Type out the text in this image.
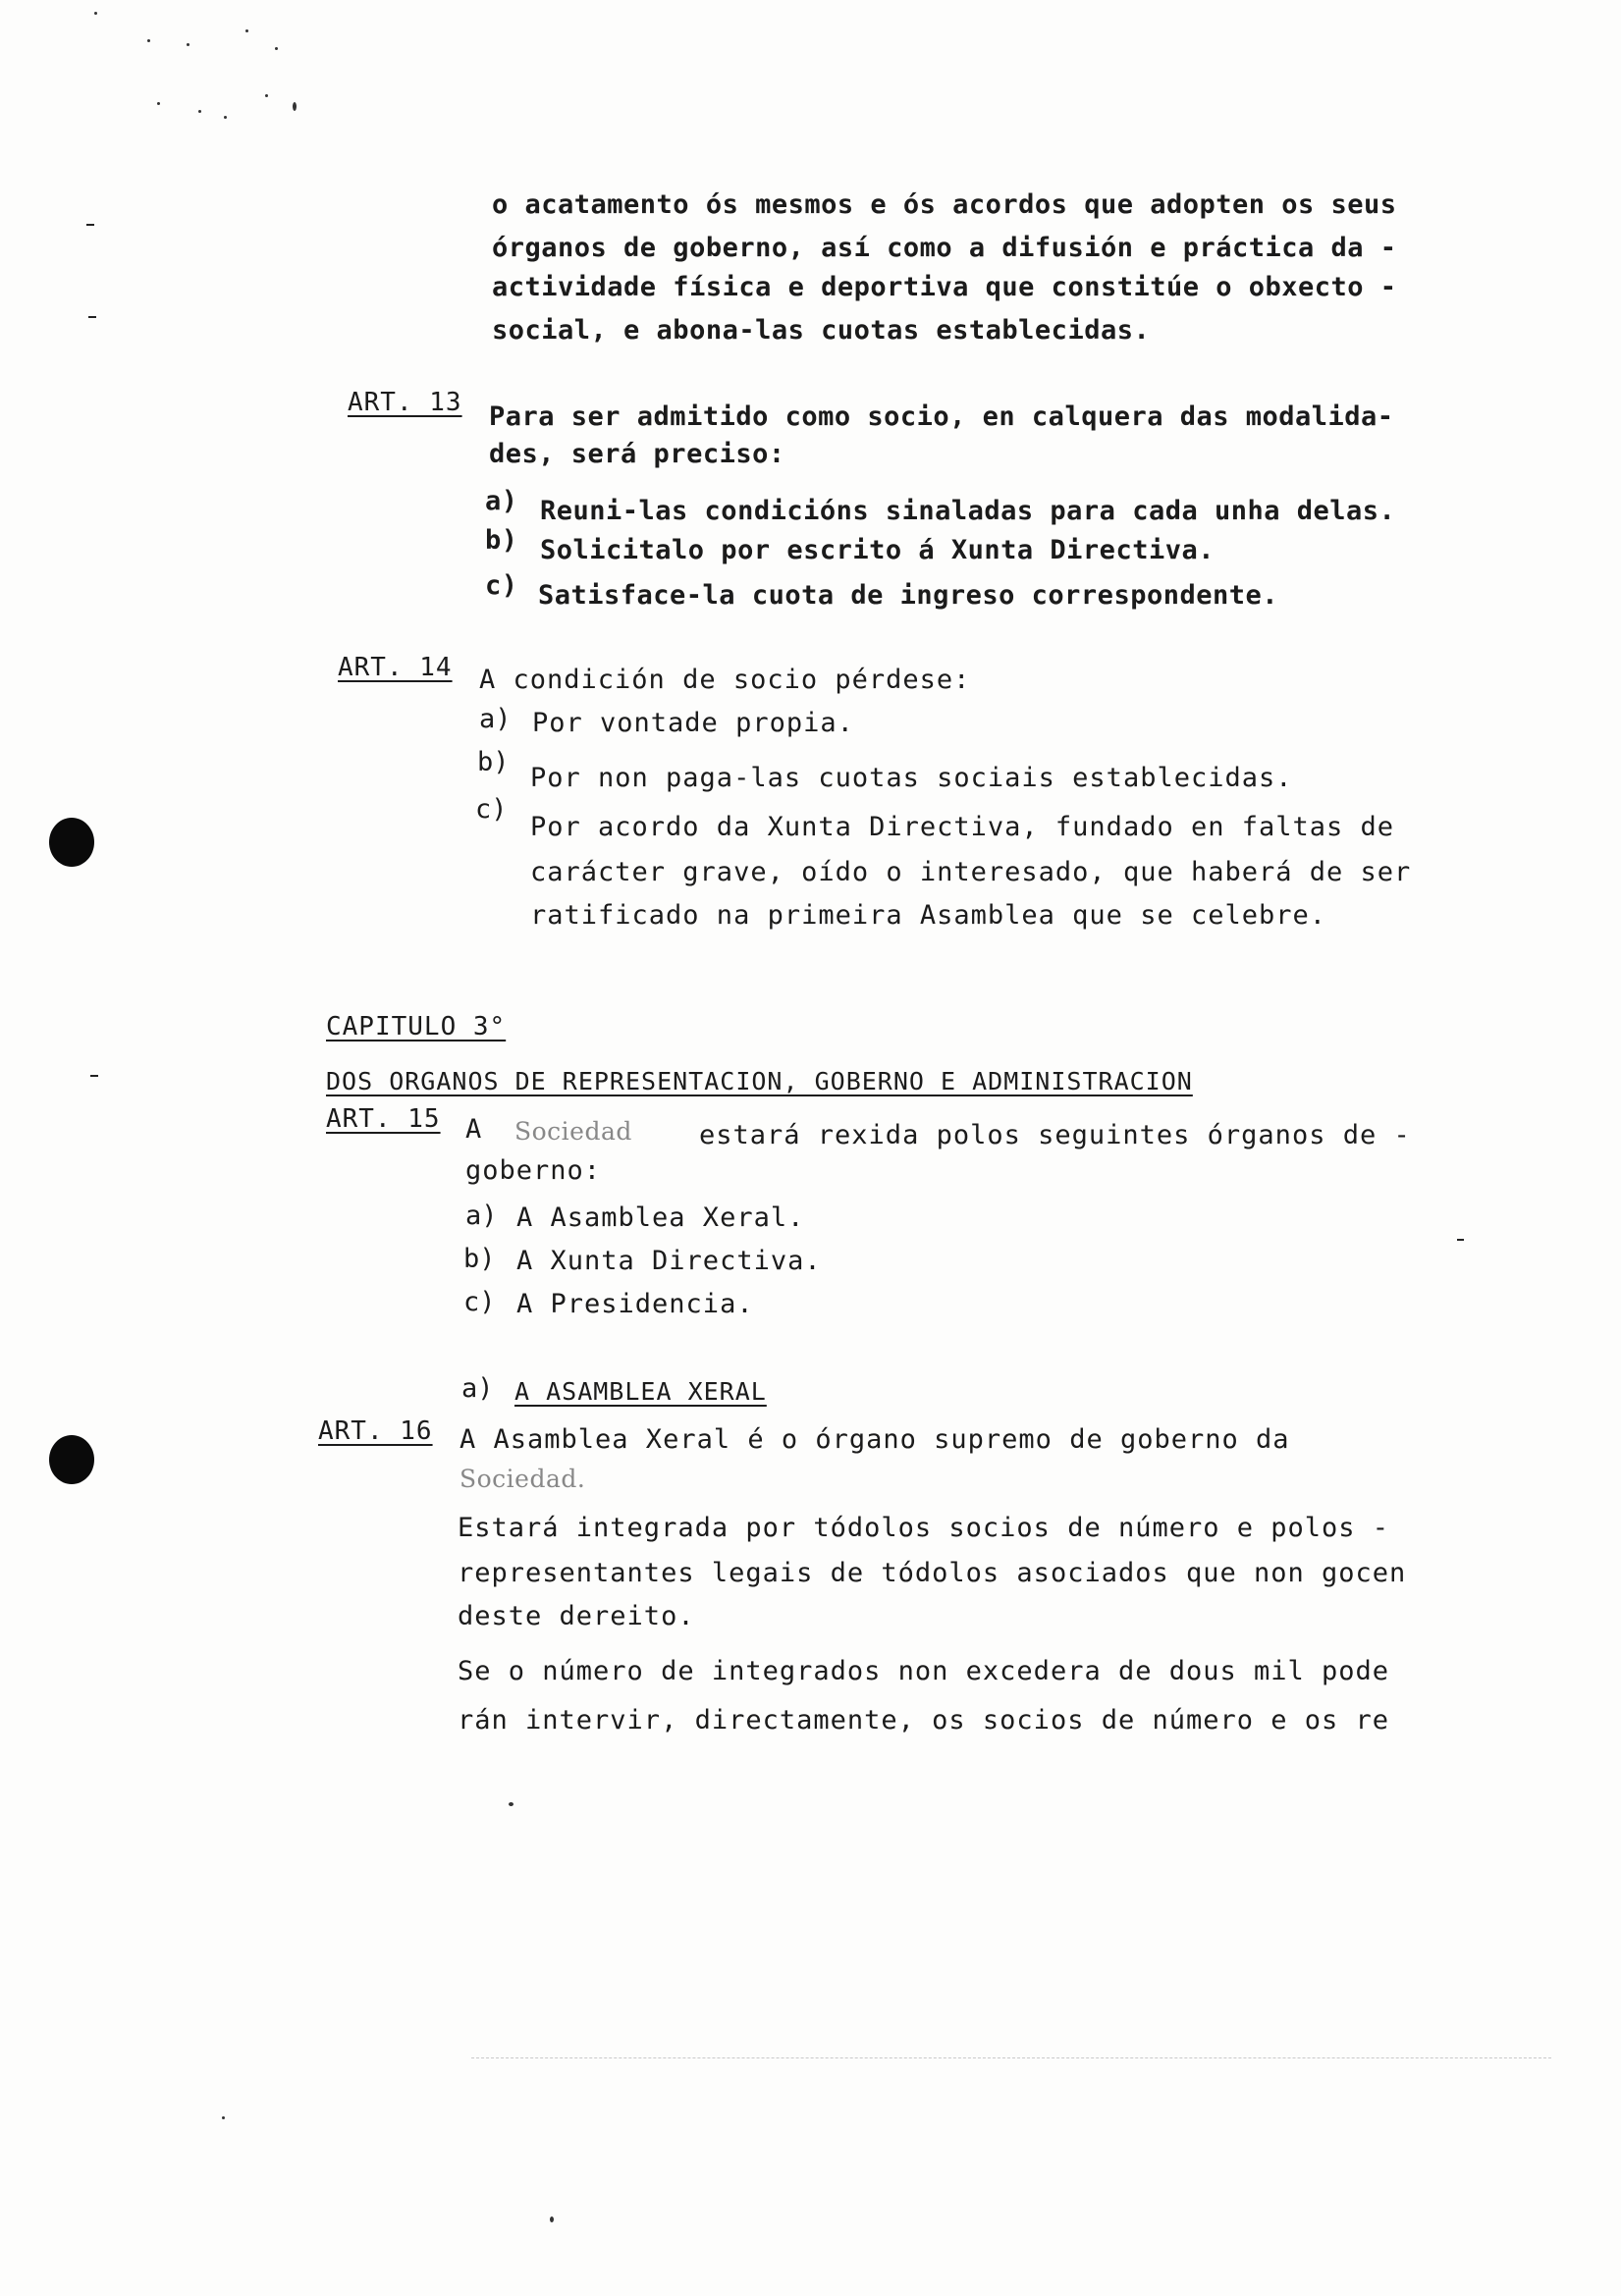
o acatamento ós mesmos e ós acordos que adopten os seus
órganos de goberno, así como a difusión e práctica da -
actividade física e deportiva que constitúe o obxecto -
social, e abona-las cuotas establecidas.
ART. 13 Para ser admitido como socio, en calquera das modalida-
des, será preciso:
a) Reuni-las condicións sinaladas para cada unha delas.
b) Solicitalo por escrito á Xunta Directiva.
c) Satisface-la cuota de ingreso correspondente.
ART. 14 A condición de socio pérdese:
a) Por vontade propia.
b)
Por non paga-las cuotas sociais establecidas.
c)
Por acordo da Xunta Directiva, fundado en faltas de
carácter grave, oído o interesado, que haberá de ser
ratificado na primeira Asamblea que se celebre.
CAPITULO 3°
DOS ORGANOS DE REPRESENTACION, GOBERNO E ADMINISTRACION
ART. 15 A Sociedad	estará rexida polos seguintes órganos de -
goberno:
a) A Asamblea Xeral.
b) A Xunta Directiva.
c) A Presidencia.
a) A ASAMBLEA XERAL
ART. 16 A Asamblea Xeral é o órgano supremo de goberno da
Sociedad.
Estará integrada por tódolos socios de número e polos -
representantes legais de tódolos asociados que non gocen
deste dereito.
Se o número de integrados non excedera de dous mil pode
rán intervir, directamente, os socios de número e os re
